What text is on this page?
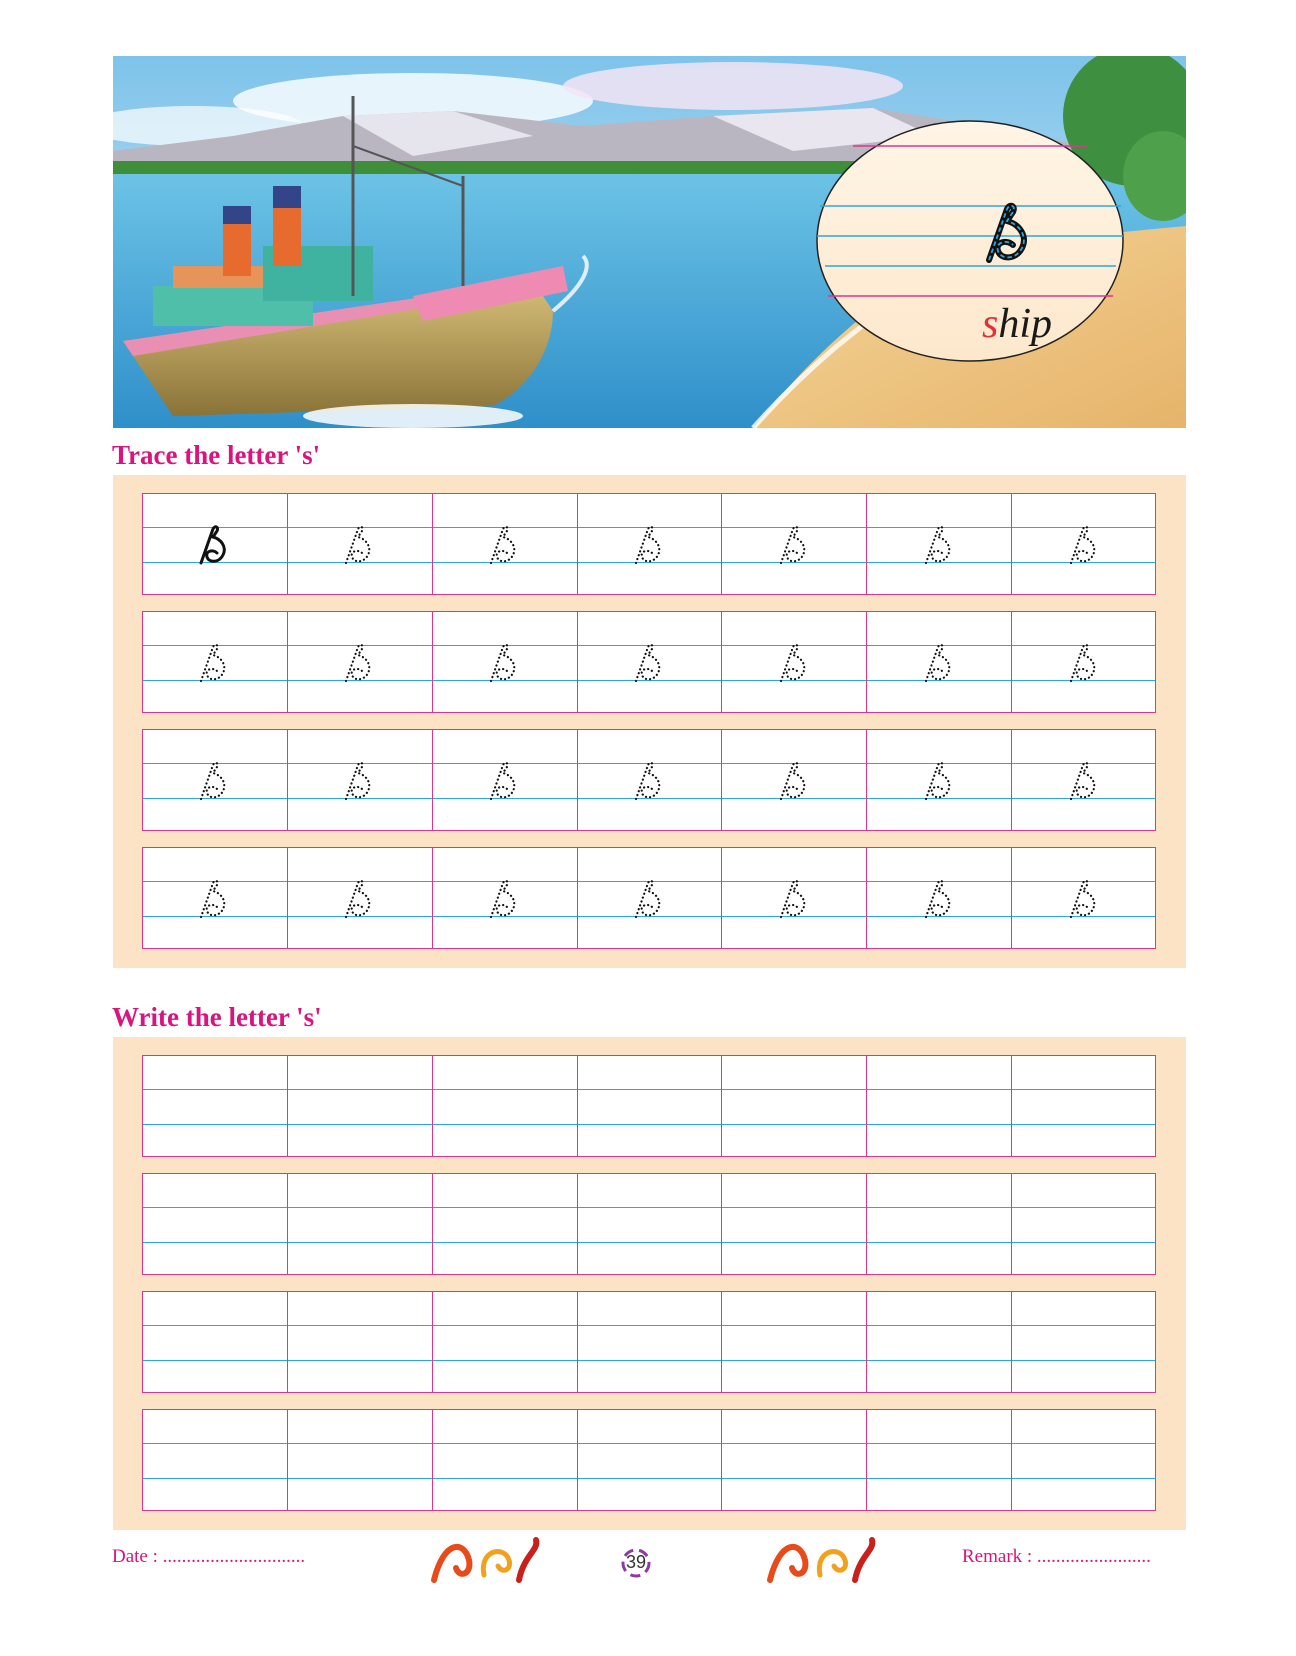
ship
Trace the letter 's'
Write the letter 's'
Date : ..............................	39	Remark : ........................
